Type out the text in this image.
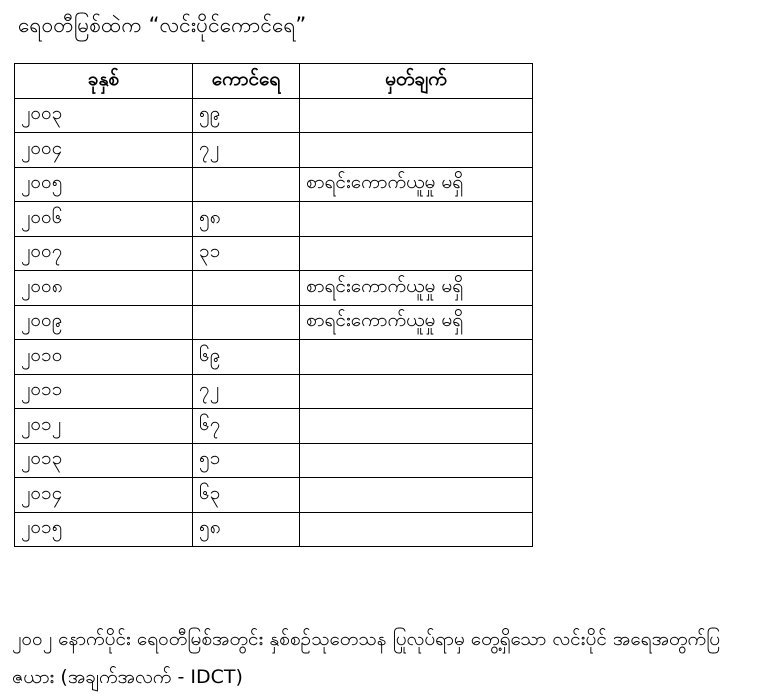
ရေဝတီမြစ်ထဲက “လင်းပိုင်ကောင်ရေ”
ခုနှစ်	ကောင်ရေ	မှတ်ချက်
၂၀၀၃	၅၉	
၂၀၀၄	၇၂	
၂၀၀၅		စာရင်းကောက်ယူမှု မရှိ
၂၀၀၆	၅၈	
၂၀၀၇	၃၁	
၂၀၀၈		စာရင်းကောက်ယူမှု မရှိ
၂၀၀၉		စာရင်းကောက်ယူမှု မရှိ
၂၀၁၀	၆၉	
၂၀၁၁	၇၂	
၂၀၁၂	၆၇	
၂၀၁၃	၅၁	
၂၀၁၄	၆၃	
၂၀၁၅	၅၈	
၂၀၀၂ နောက်ပိုင်း ရေဝတီမြစ်အတွင်း နှစ်စဉ်သုတေသန ပြုလုပ်ရာမှ တွေ့ရှိသော လင်းပိုင် အရေအတွက်ပြဇယား (အချက်အလက် - IDCT)
